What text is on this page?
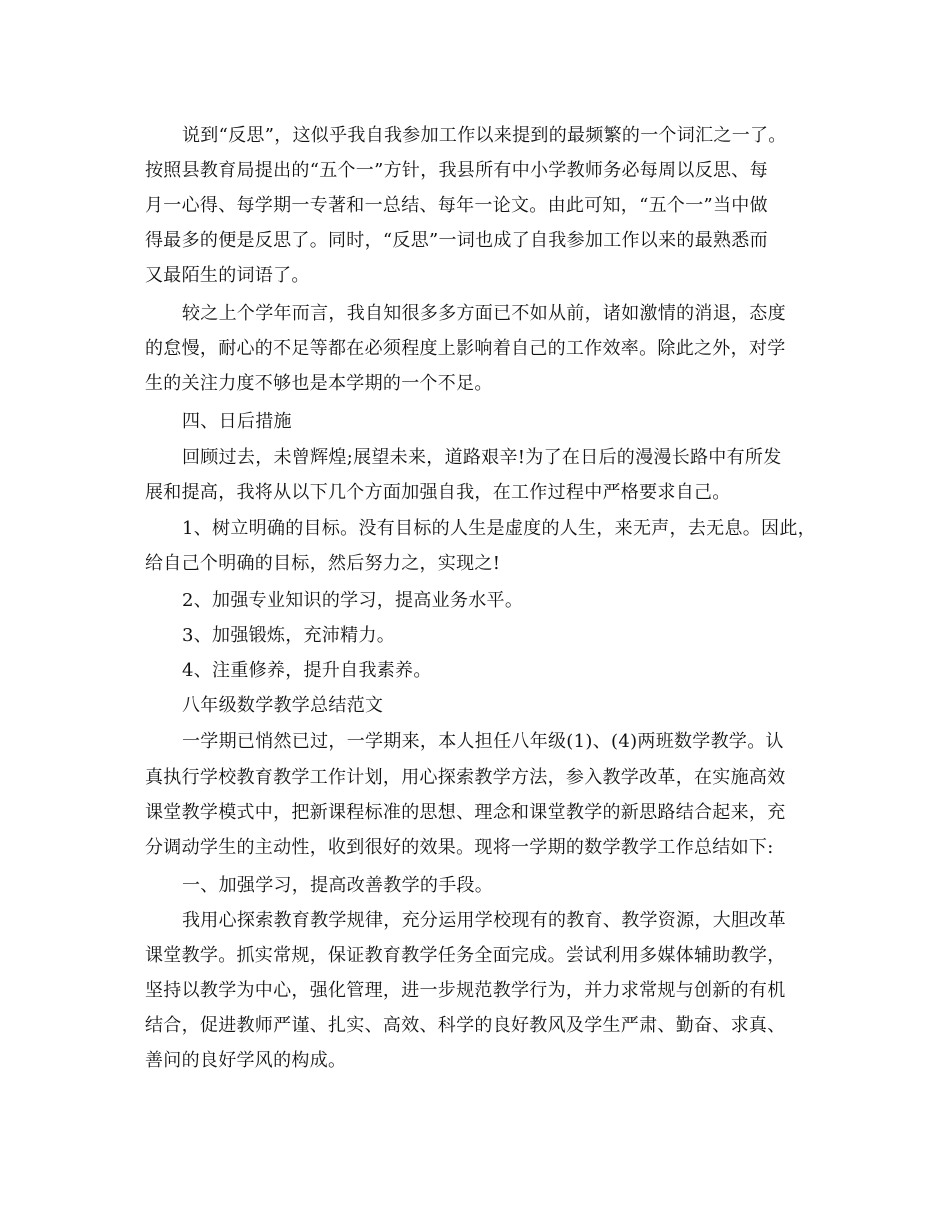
说到“反思”，这似乎我自我参加工作以来提到的最频繁的一个词汇之一了。
按照县教育局提出的“五个一”方针，我县所有中小学教师务必每周以反思、每
月一心得、每学期一专著和一总结、每年一论文。由此可知，“五个一”当中做
得最多的便是反思了。同时，“反思”一词也成了自我参加工作以来的最熟悉而
又最陌生的词语了。
较之上个学年而言，我自知很多多方面已不如从前，诸如激情的消退，态度
的怠慢，耐心的不足等都在必须程度上影响着自己的工作效率。除此之外，对学
生的关注力度不够也是本学期的一个不足。
四、日后措施
回顾过去，未曾辉煌;展望未来，道路艰辛!为了在日后的漫漫长路中有所发
展和提高，我将从以下几个方面加强自我，在工作过程中严格要求自己。
1、树立明确的目标。没有目标的人生是虚度的人生，来无声，去无息。因此，
给自己个明确的目标，然后努力之，实现之!
2、加强专业知识的学习，提高业务水平。
3、加强锻炼，充沛精力。
4、注重修养，提升自我素养。
八年级数学教学总结范文
一学期已悄然已过，一学期来，本人担任八年级(1)、(4)两班数学教学。认
真执行学校教育教学工作计划，用心探索教学方法，参入教学改革，在实施高效
课堂教学模式中，把新课程标准的思想、理念和课堂教学的新思路结合起来，充
分调动学生的主动性，收到很好的效果。现将一学期的数学教学工作总结如下:
一、加强学习，提高改善教学的手段。
我用心探索教育教学规律，充分运用学校现有的教育、教学资源，大胆改革
课堂教学。抓实常规，保证教育教学任务全面完成。尝试利用多媒体辅助教学，
坚持以教学为中心，强化管理，进一步规范教学行为，并力求常规与创新的有机
结合，促进教师严谨、扎实、高效、科学的良好教风及学生严肃、勤奋、求真、
善问的良好学风的构成。
